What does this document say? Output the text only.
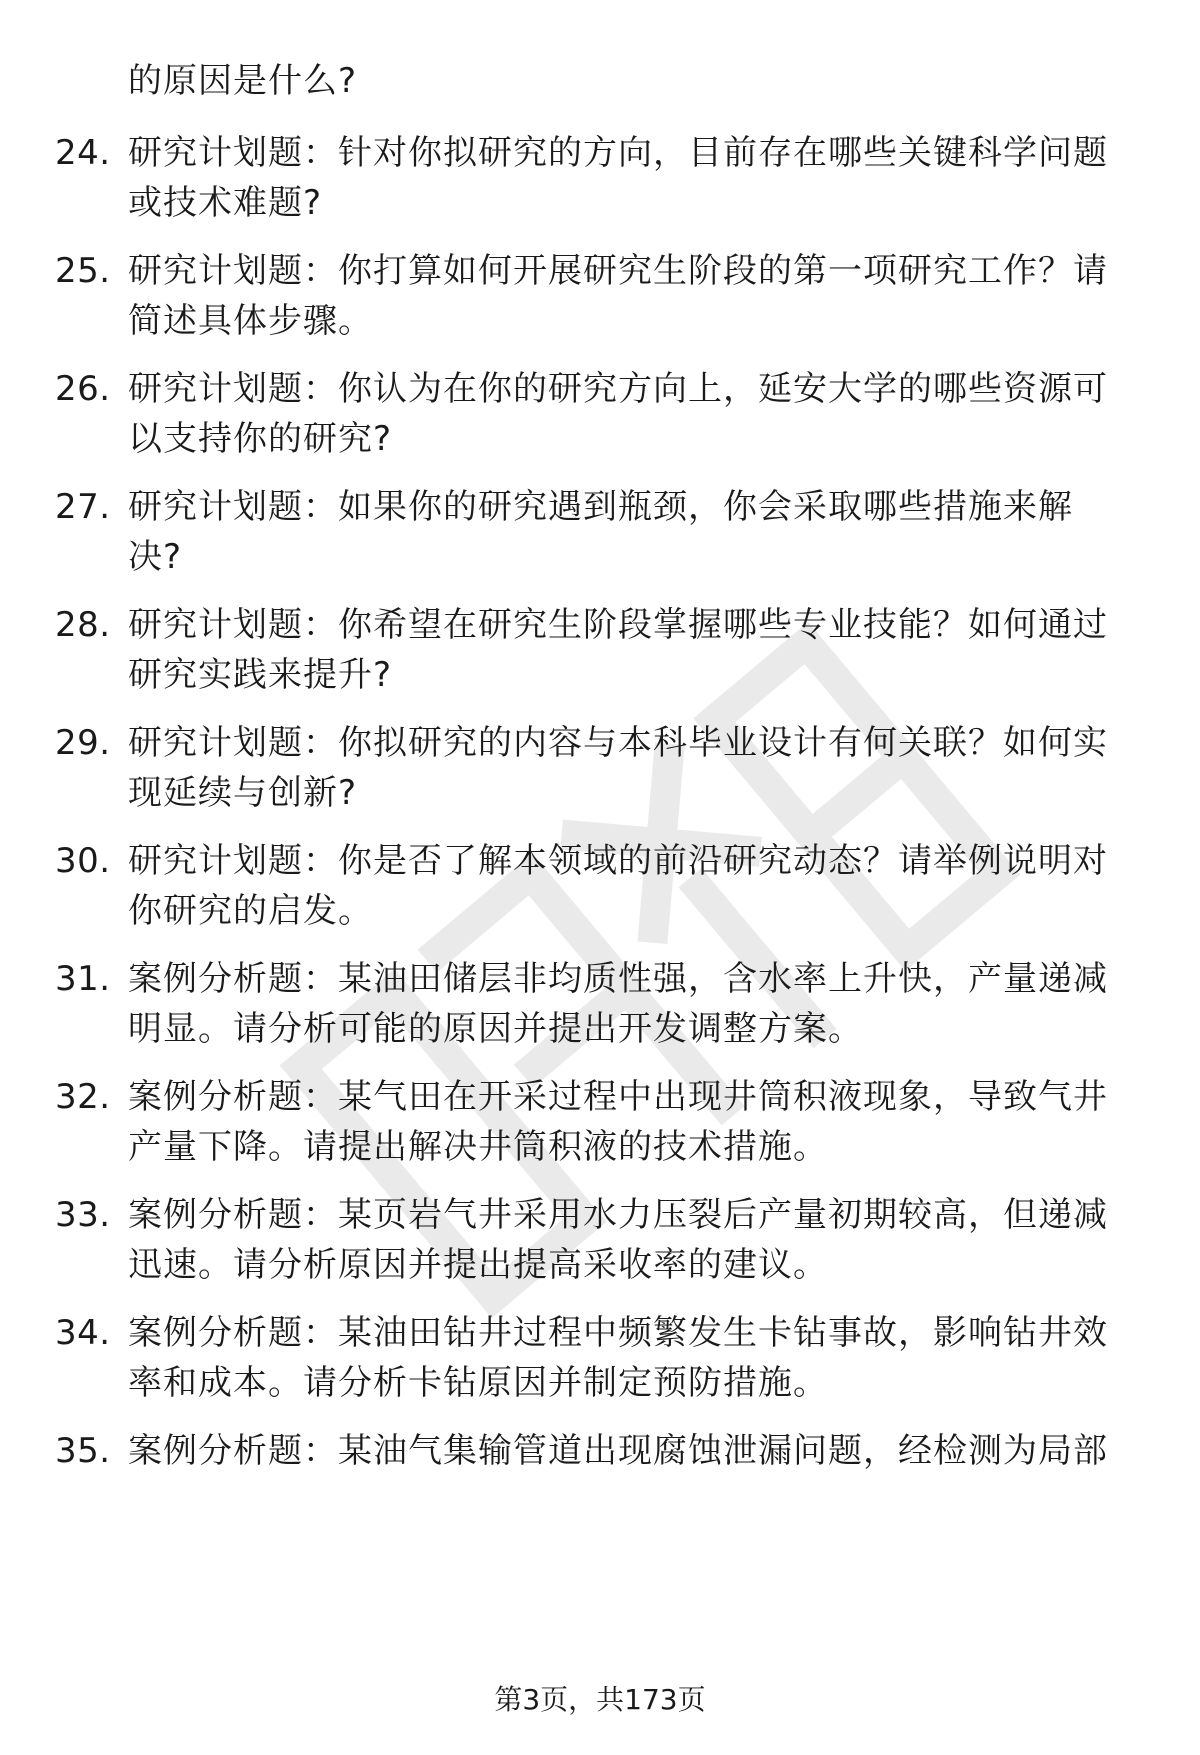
的原因是什么?
24. 研究计划题：针对你拟研究的方向，目前存在哪些关键科学问题
或技术难题?
25. 研究计划题：你打算如何开展研究生阶段的第一项研究工作？请
简述具体步骤。
26. 研究计划题：你认为在你的研究方向上，延安大学的哪些资源可
以支持你的研究?
27. 研究计划题：如果你的研究遇到瓶颈，你会采取哪些措施来解
决?
28. 研究计划题：你希望在研究生阶段掌握哪些专业技能？如何通过
研究实践来提升?
29. 研究计划题：你拟研究的内容与本科毕业设计有何关联？如何实
现延续与创新?
30. 研究计划题：你是否了解本领域的前沿研究动态？请举例说明对
你研究的启发。
31. 案例分析题：某油田储层非均质性强，含水率上升快，产量递减
明显。请分析可能的原因并提出开发调整方案。
32. 案例分析题：某气田在开采过程中出现井筒积液现象，导致气井
产量下降。请提出解决井筒积液的技术措施。
33. 案例分析题：某页岩气井采用水力压裂后产量初期较高，但递减
迅速。请分析原因并提出提高采收率的建议。
34. 案例分析题：某油田钻井过程中频繁发生卡钻事故，影响钻井效
率和成本。请分析卡钻原因并制定预防措施。
35. 案例分析题：某油气集输管道出现腐蚀泄漏问题，经检测为局部
第3页，共173页
